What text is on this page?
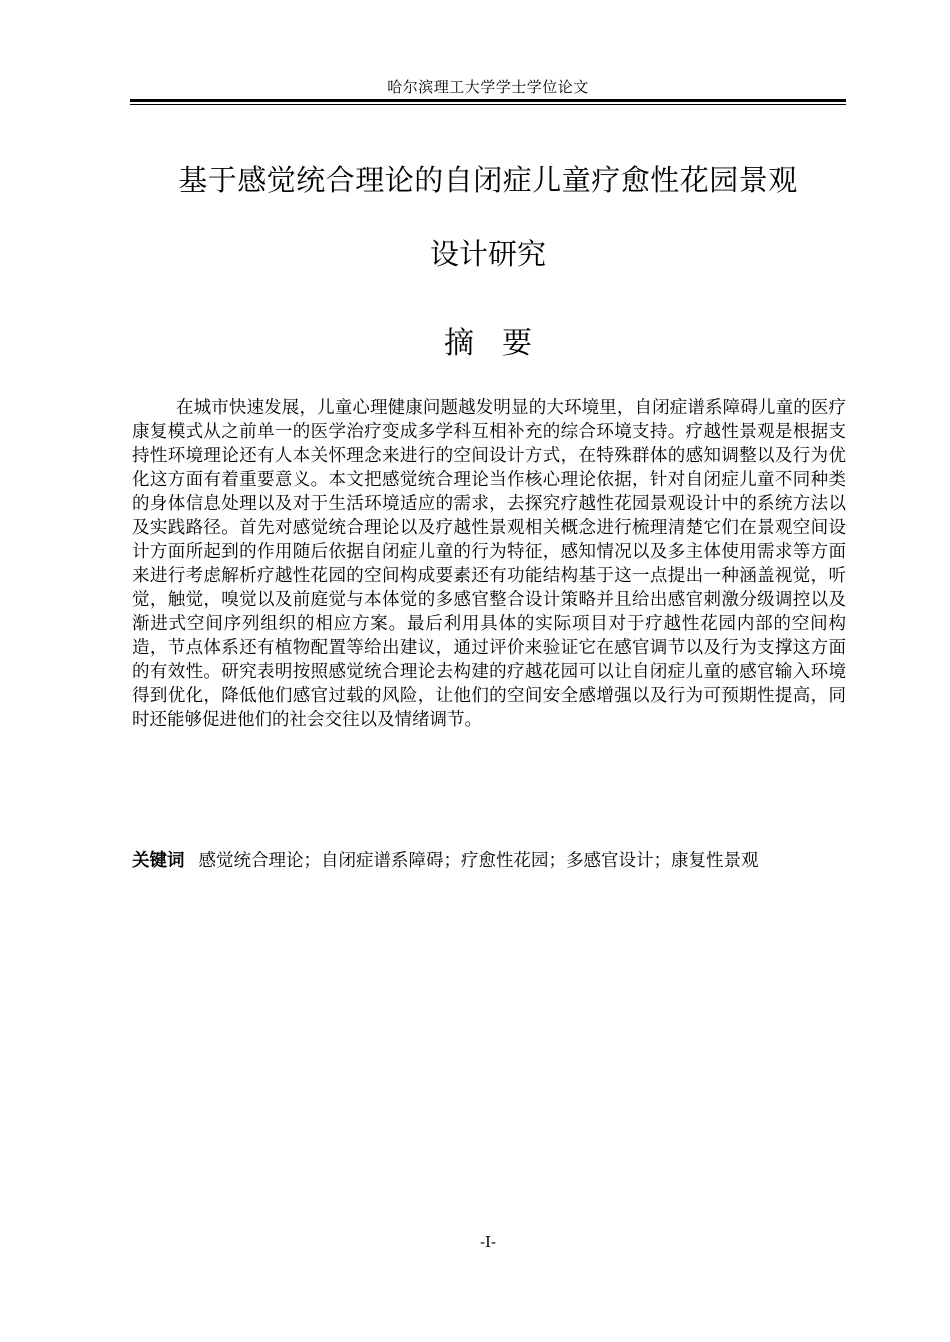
哈尔滨理工大学学士学位论文
基于感觉统合理论的自闭症儿童疗愈性花园景观
设计研究
摘要

在城市快速发展，儿童心理健康问题越发明显的大环境里，自闭症谱系障碍儿童的医疗康复模式从之前单一的医学治疗变成多学科互相补充的综合环境支持。疗越性景观是根据支持性环境理论还有人本关怀理念来进行的空间设计方式，在特殊群体的感知调整以及行为优化这方面有着重要意义。本文把感觉统合理论当作核心理论依据，针对自闭症儿童不同种类的身体信息处理以及对于生活环境适应的需求，去探究疗越性花园景观设计中的系统方法以及实践路径。首先对感觉统合理论以及疗越性景观相关概念进行梳理清楚它们在景观空间设计方面所起到的作用随后依据自闭症儿童的行为特征，感知情况以及多主体使用需求等方面来进行考虑解析疗越性花园的空间构成要素还有功能结构基于这一点提出一种涵盖视觉，听觉，触觉，嗅觉以及前庭觉与本体觉的多感官整合设计策略并且给出感官刺激分级调控以及渐进式空间序列组织的相应方案。最后利用具体的实际项目对于疗越性花园内部的空间构造，节点体系还有植物配置等给出建议，通过评价来验证它在感官调节以及行为支撑这方面的有效性。研究表明按照感觉统合理论去构建的疗越花园可以让自闭症儿童的感官输入环境得到优化，降低他们感官过载的风险，让他们的空间安全感增强以及行为可预期性提高，同时还能够促进他们的社会交往以及情绪调节。

关键词 感觉统合理论；自闭症谱系障碍；疗愈性花园；多感官设计；康复性景观

-I-
